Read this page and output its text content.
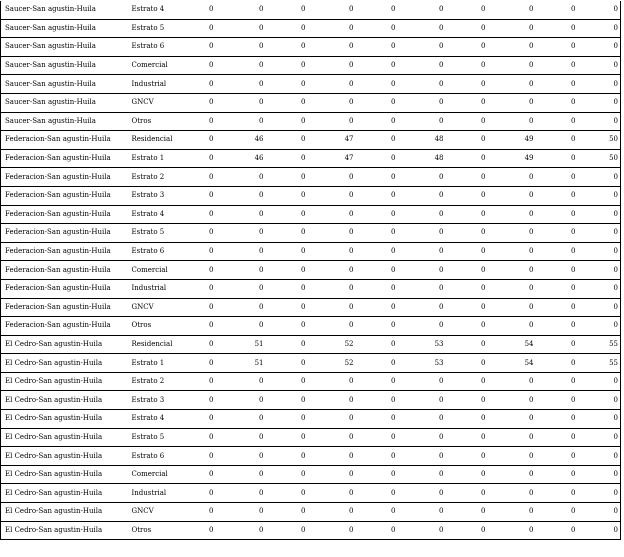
Saucer-San agustin-Huila	Estrato 4	0	0	0	0	0	0	0	0	0	0
Saucer-San agustin-Huila	Estrato 5	0	0	0	0	0	0	0	0	0	0
Saucer-San agustin-Huila	Estrato 6	0	0	0	0	0	0	0	0	0	0
Saucer-San agustin-Huila	Comercial	0	0	0	0	0	0	0	0	0	0
Saucer-San agustin-Huila	Industrial	0	0	0	0	0	0	0	0	0	0
Saucer-San agustin-Huila	GNCV	0	0	0	0	0	0	0	0	0	0
Saucer-San agustin-Huila	Otros	0	0	0	0	0	0	0	0	0	0
Federacion-San agustin-Huila	Residencial	0	46	0	47	0	48	0	49	0	50
Federacion-San agustin-Huila	Estrato 1	0	46	0	47	0	48	0	49	0	50
Federacion-San agustin-Huila	Estrato 2	0	0	0	0	0	0	0	0	0	0
Federacion-San agustin-Huila	Estrato 3	0	0	0	0	0	0	0	0	0	0
Federacion-San agustin-Huila	Estrato 4	0	0	0	0	0	0	0	0	0	0
Federacion-San agustin-Huila	Estrato 5	0	0	0	0	0	0	0	0	0	0
Federacion-San agustin-Huila	Estrato 6	0	0	0	0	0	0	0	0	0	0
Federacion-San agustin-Huila	Comercial	0	0	0	0	0	0	0	0	0	0
Federacion-San agustin-Huila	Industrial	0	0	0	0	0	0	0	0	0	0
Federacion-San agustin-Huila	GNCV	0	0	0	0	0	0	0	0	0	0
Federacion-San agustin-Huila	Otros	0	0	0	0	0	0	0	0	0	0
El Cedro-San agustin-Huila	Residencial	0	51	0	52	0	53	0	54	0	55
El Cedro-San agustin-Huila	Estrato 1	0	51	0	52	0	53	0	54	0	55
El Cedro-San agustin-Huila	Estrato 2	0	0	0	0	0	0	0	0	0	0
El Cedro-San agustin-Huila	Estrato 3	0	0	0	0	0	0	0	0	0	0
El Cedro-San agustin-Huila	Estrato 4	0	0	0	0	0	0	0	0	0	0
El Cedro-San agustin-Huila	Estrato 5	0	0	0	0	0	0	0	0	0	0
El Cedro-San agustin-Huila	Estrato 6	0	0	0	0	0	0	0	0	0	0
El Cedro-San agustin-Huila	Comercial	0	0	0	0	0	0	0	0	0	0
El Cedro-San agustin-Huila	Industrial	0	0	0	0	0	0	0	0	0	0
El Cedro-San agustin-Huila	GNCV	0	0	0	0	0	0	0	0	0	0
El Cedro-San agustin-Huila	Otros	0	0	0	0	0	0	0	0	0	0
